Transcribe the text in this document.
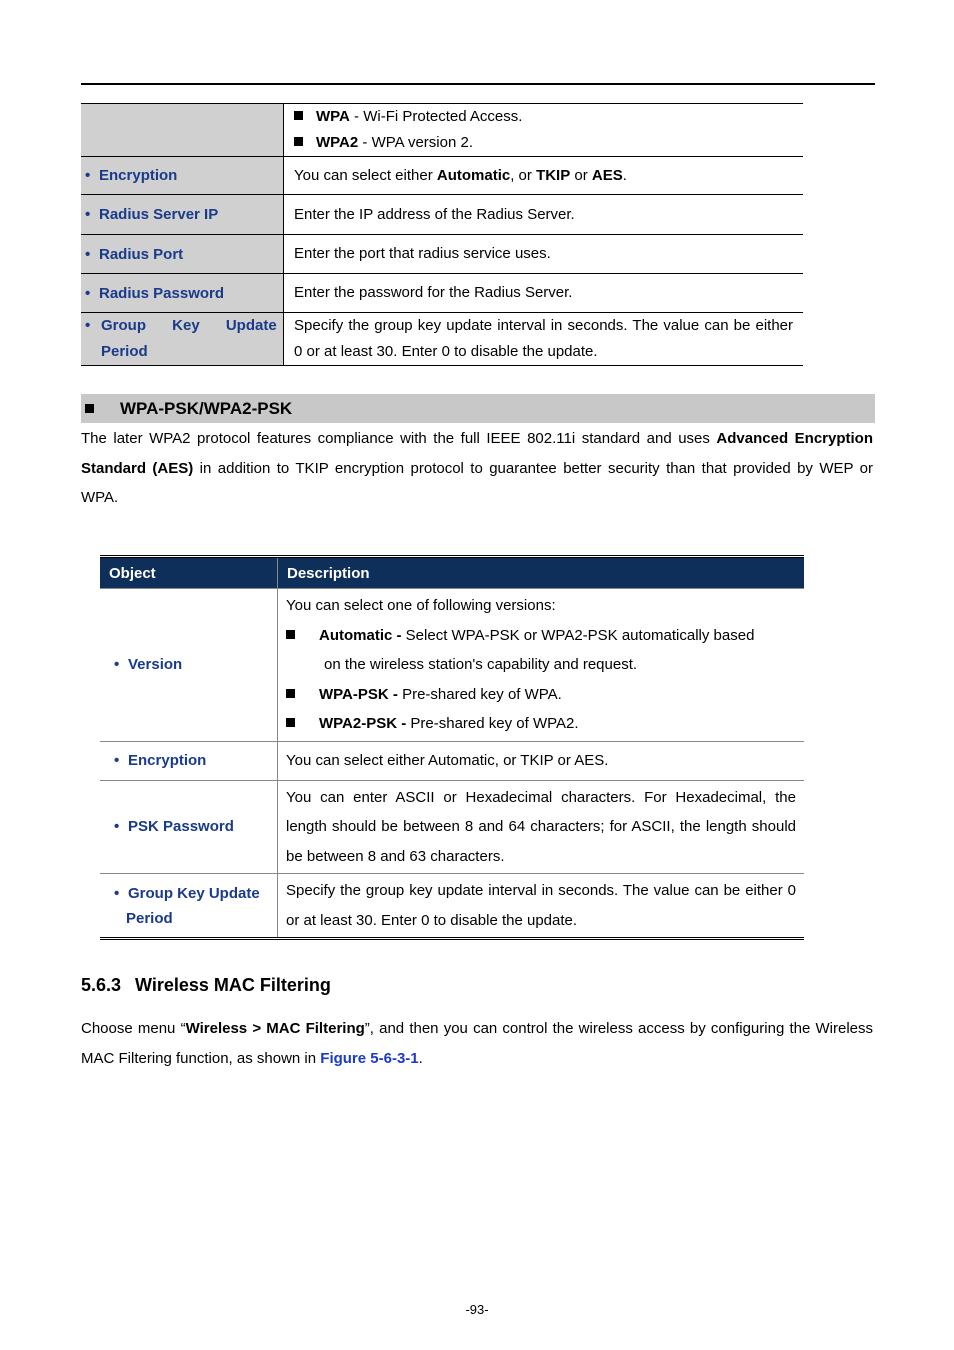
	WPA - Wi-Fi Protected Access.
WPA2 - WPA version 2.

• Encryption	You can select either Automatic, or TKIP or AES.
• Radius Server IP	Enter the IP address of the Radius Server.
• Radius Port	Enter the port that radius service uses.
• Radius Password	Enter the password for the Radius Server.

• Group Key Update
Period	Specify the group key update interval in seconds. The value can be either 0 or at least 30. Enter 0 to disable the update.
WPA-PSK/WPA2-PSK
The later WPA2 protocol features compliance with the full IEEE 802.11i standard and uses Advanced Encryption Standard (AES) in addition to TKIP encryption protocol to guarantee better security than that provided by WEP or WPA.
Object	Description
• Version	You can select one of following versions:
Automatic - Select WPA-PSK or WPA2-PSK automatically based
on the wireless station's capability and request.
WPA-PSK - Pre-shared key of WPA.
WPA2-PSK - Pre-shared key of WPA2.

• Encryption	You can select either Automatic, or TKIP or AES.
• PSK Password	You can enter ASCII or Hexadecimal characters. For Hexadecimal, the length should be between 8 and 64 characters; for ASCII, the length should be between 8 and 63 characters.

• Group Key Update
Period	Specify the group key update interval in seconds. The value can be either 0 or at least 30. Enter 0 to disable the update.
5.6.3 Wireless MAC Filtering
Choose menu “Wireless > MAC Filtering”, and then you can control the wireless access by configuring the Wireless MAC Filtering function, as shown in Figure 5-6-3-1.
-93-
